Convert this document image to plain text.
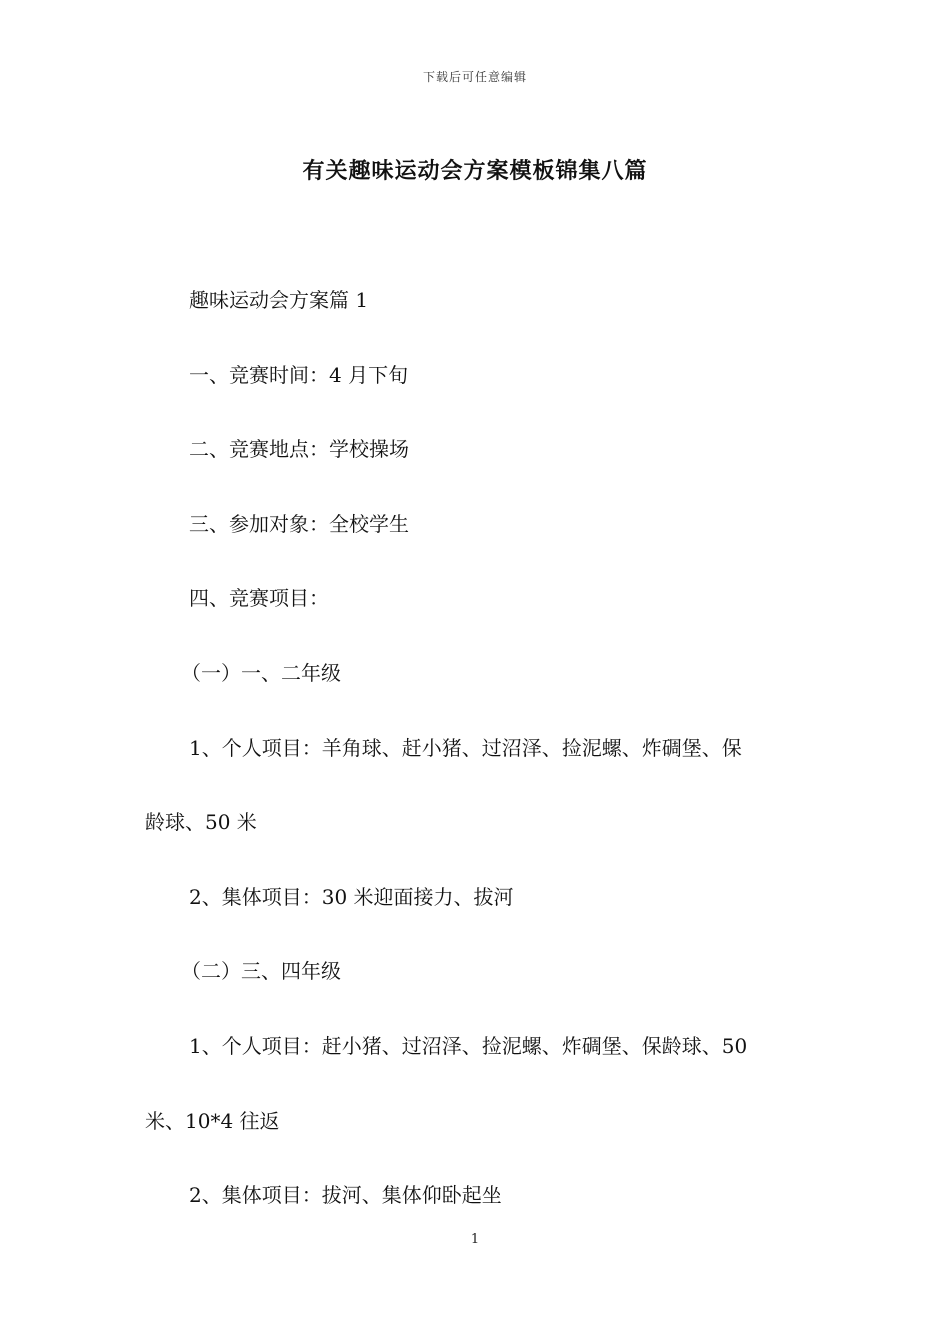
下载后可任意编辑
有关趣味运动会方案模板锦集八篇
趣味运动会方案篇 1
一、竞赛时间：4 月下旬
二、竞赛地点：学校操场
三、参加对象：全校学生
四、竞赛项目：
（一）一、二年级
1、个人项目：羊角球、赶小猪、过沼泽、捡泥螺、炸碉堡、保
龄球、50 米
2、集体项目：30 米迎面接力、拔河
（二）三、四年级
1、个人项目：赶小猪、过沼泽、捡泥螺、炸碉堡、保龄球、50
米、10*4 往返
2、集体项目：拔河、集体仰卧起坐
1
